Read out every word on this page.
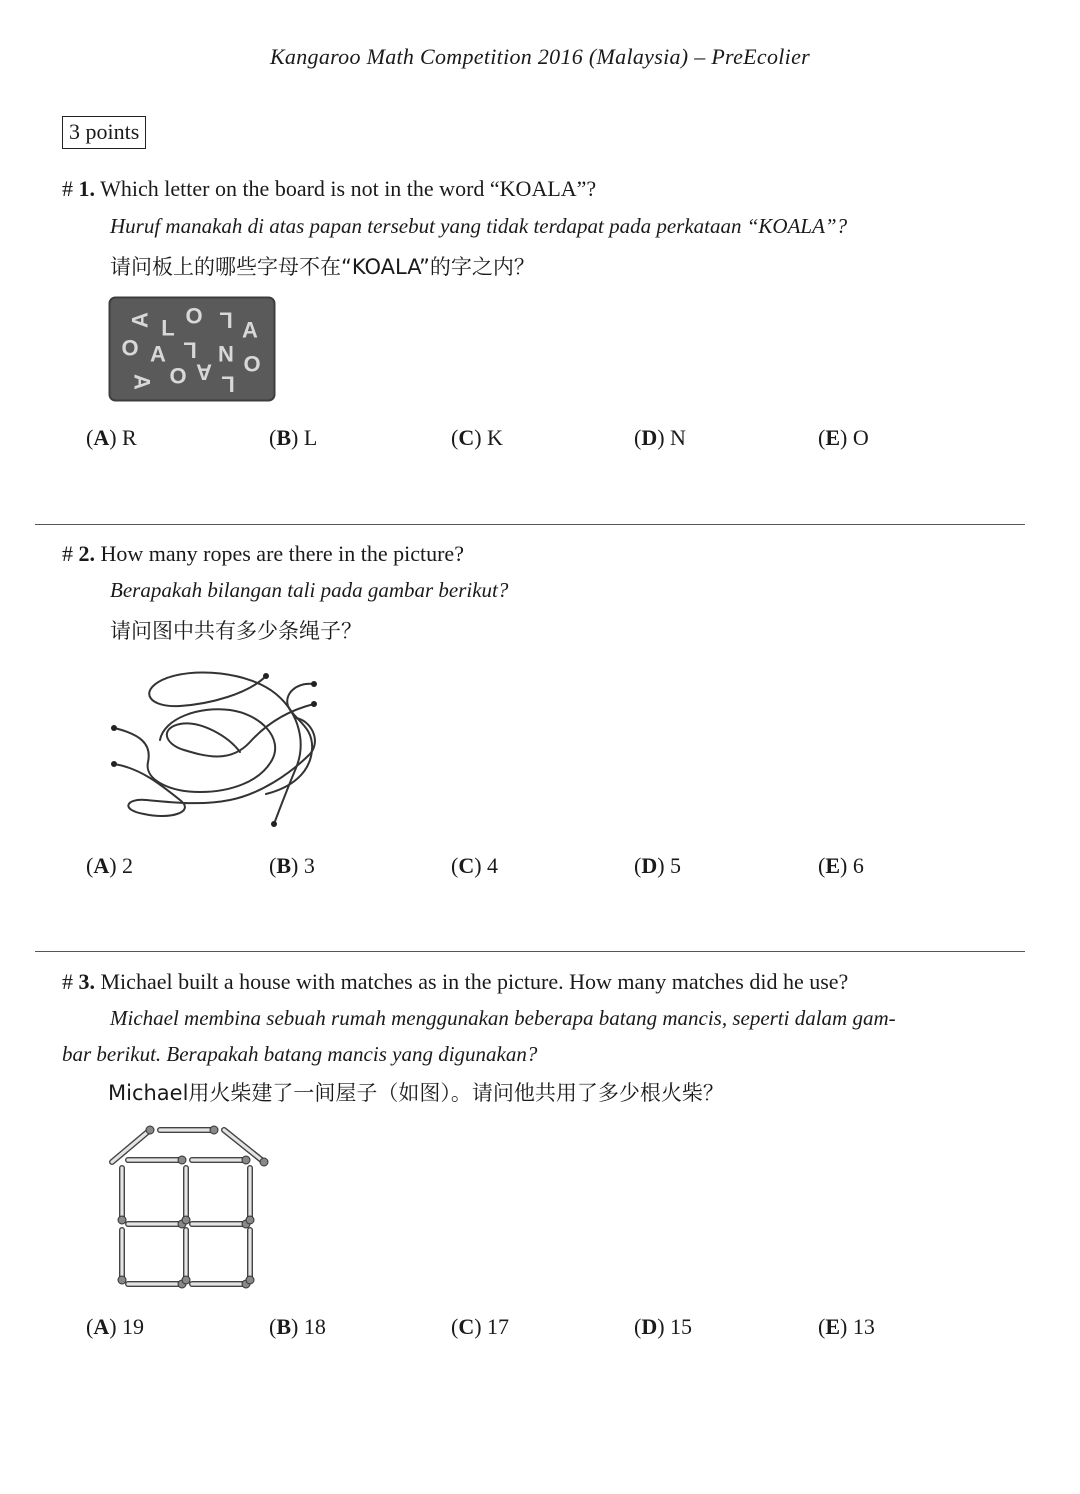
Kangaroo Math Competition 2016 (Malaysia) – PreEcolier
3 points
# 1. Which letter on the board is not in the word “KOALA”?
Huruf manakah di atas papan tersebut yang tidak terdapat pada perkataan “KOALA”?
请问板上的哪些字母不在“KOALA”的字之内？
A L O L A
O A L N O
A O A L
(A) R	(B) L	(C) K	(D) N	(E) O
# 2. How many ropes are there in the picture?
Berapakah bilangan tali pada gambar berikut?
请问图中共有多少条绳子？
(A) 2	(B) 3	(C) 4	(D) 5	(E) 6
# 3. Michael built a house with matches as in the picture. How many matches did he use?
Michael membina sebuah rumah menggunakan beberapa batang mancis, seperti dalam gam-
bar berikut. Berapakah batang mancis yang digunakan?
Michael用火柴建了一间屋子（如图）。请问他共用了多少根火柴？
(A) 19	(B) 18	(C) 17	(D) 15	(E) 13
